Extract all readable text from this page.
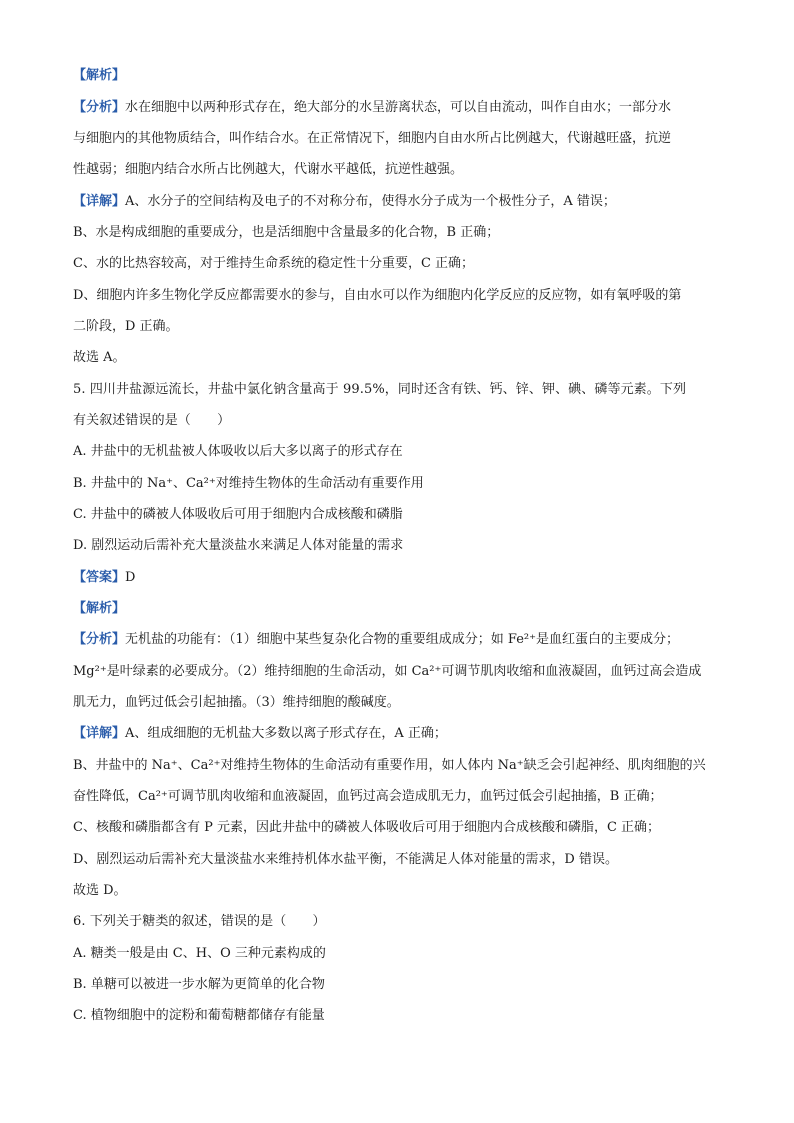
【解析】
【分析】水在细胞中以两种形式存在，绝大部分的水呈游离状态，可以自由流动，叫作自由水；一部分水
与细胞内的其他物质结合，叫作结合水。在正常情况下，细胞内自由水所占比例越大，代谢越旺盛，抗逆
性越弱；细胞内结合水所占比例越大，代谢水平越低，抗逆性越强。
【详解】A、水分子的空间结构及电子的不对称分布，使得水分子成为一个极性分子，A 错误；
B、水是构成细胞的重要成分，也是活细胞中含量最多的化合物，B 正确；
C、水的比热容较高，对于维持生命系统的稳定性十分重要，C 正确；
D、细胞内许多生物化学反应都需要水的参与，自由水可以作为细胞内化学反应的反应物，如有氧呼吸的第
二阶段，D 正确。
故选 A。
5. 四川井盐源远流长，井盐中氯化钠含量高于 99.5%，同时还含有铁、钙、锌、钾、碘、磷等元素。下列
有关叙述错误的是（　　）
A. 井盐中的无机盐被人体吸收以后大多以离子的形式存在
B. 井盐中的 Na⁺、Ca²⁺对维持生物体的生命活动有重要作用
C. 井盐中的磷被人体吸收后可用于细胞内合成核酸和磷脂
D. 剧烈运动后需补充大量淡盐水来满足人体对能量的需求
【答案】D
【解析】
【分析】无机盐的功能有：（1）细胞中某些复杂化合物的重要组成成分；如 Fe²⁺是血红蛋白的主要成分；
Mg²⁺是叶绿素的必要成分。（2）维持细胞的生命活动，如 Ca²⁺可调节肌肉收缩和血液凝固，血钙过高会造成
肌无力，血钙过低会引起抽搐。（3）维持细胞的酸碱度。
【详解】A、组成细胞的无机盐大多数以离子形式存在，A 正确；
B、井盐中的 Na⁺、Ca²⁺对维持生物体的生命活动有重要作用，如人体内 Na⁺缺乏会引起神经、肌肉细胞的兴
奋性降低，Ca²⁺可调节肌肉收缩和血液凝固，血钙过高会造成肌无力，血钙过低会引起抽搐，B 正确；
C、核酸和磷脂都含有 P 元素，因此井盐中的磷被人体吸收后可用于细胞内合成核酸和磷脂，C 正确；
D、剧烈运动后需补充大量淡盐水来维持机体水盐平衡，不能满足人体对能量的需求，D 错误。
故选 D。
6. 下列关于糖类的叙述，错误的是（　　）
A. 糖类一般是由 C、H、O 三种元素构成的
B. 单糖可以被进一步水解为更简单的化合物
C. 植物细胞中的淀粉和葡萄糖都储存有能量
